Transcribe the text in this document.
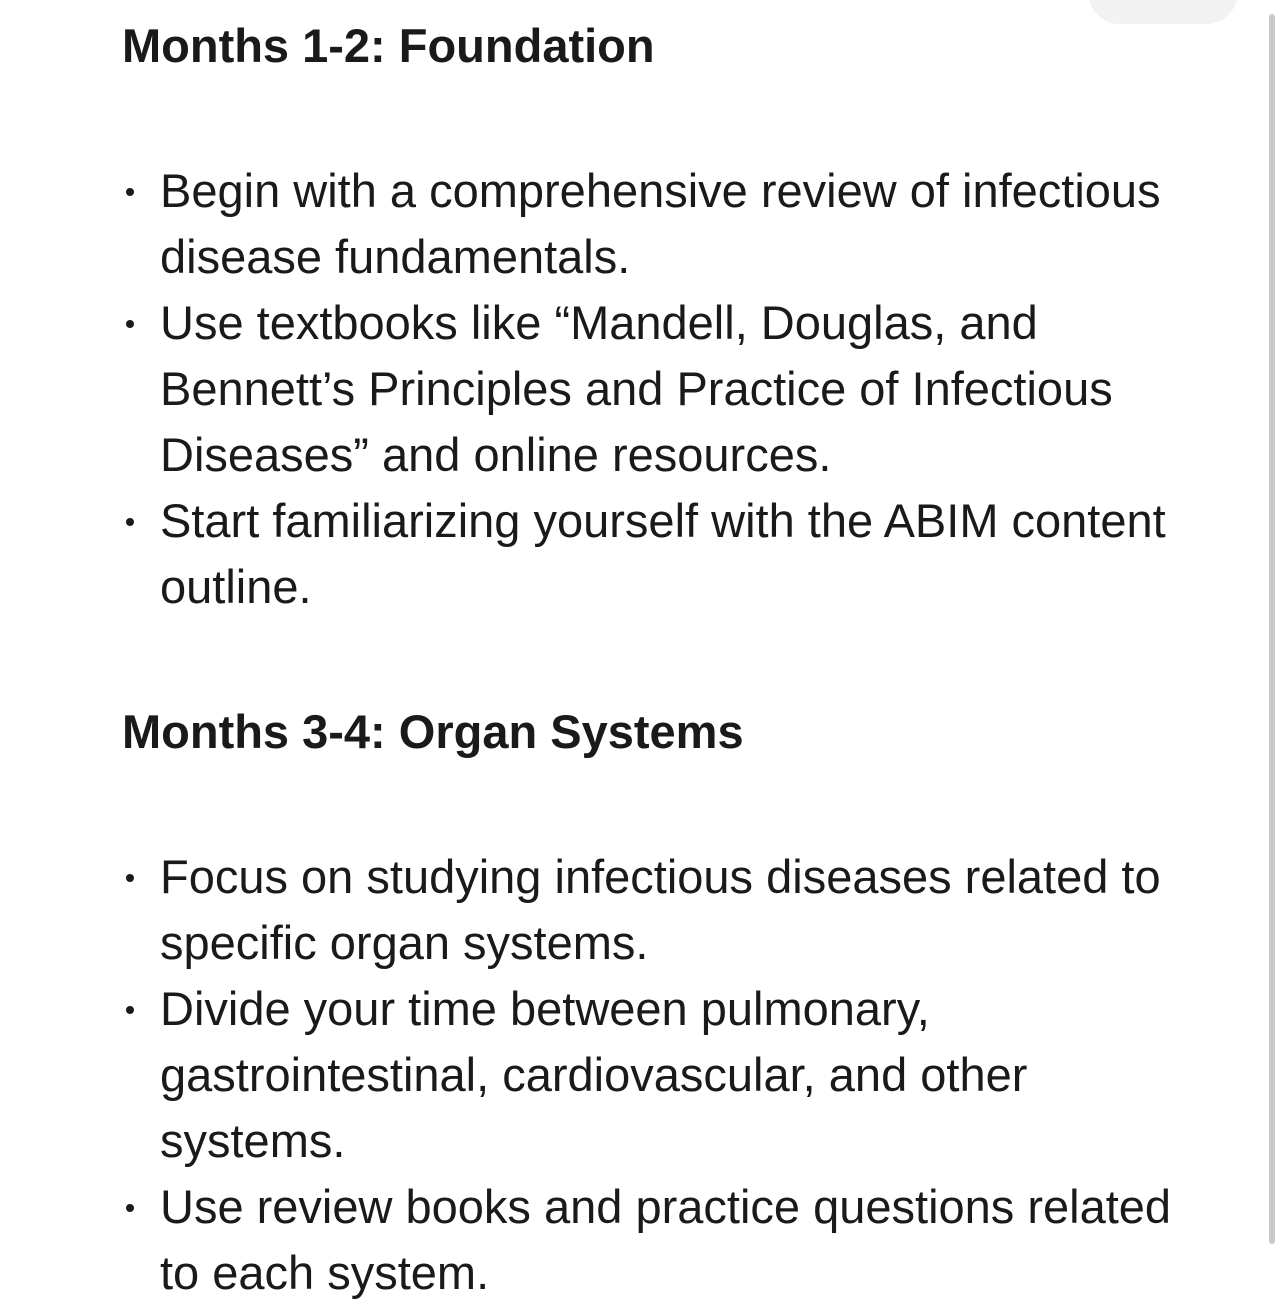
Months 1-2: Foundation
Begin with a comprehensive review of infectious disease fundamentals.
Use textbooks like “Mandell, Douglas, and Bennett’s Principles and Practice of Infectious Diseases” and online resources.
Start familiarizing yourself with the ABIM content outline.
Months 3-4: Organ Systems
Focus on studying infectious diseases related to specific organ systems.
Divide your time between pulmonary, gastrointestinal, cardiovascular, and other systems.
Use review books and practice questions related to each system.
